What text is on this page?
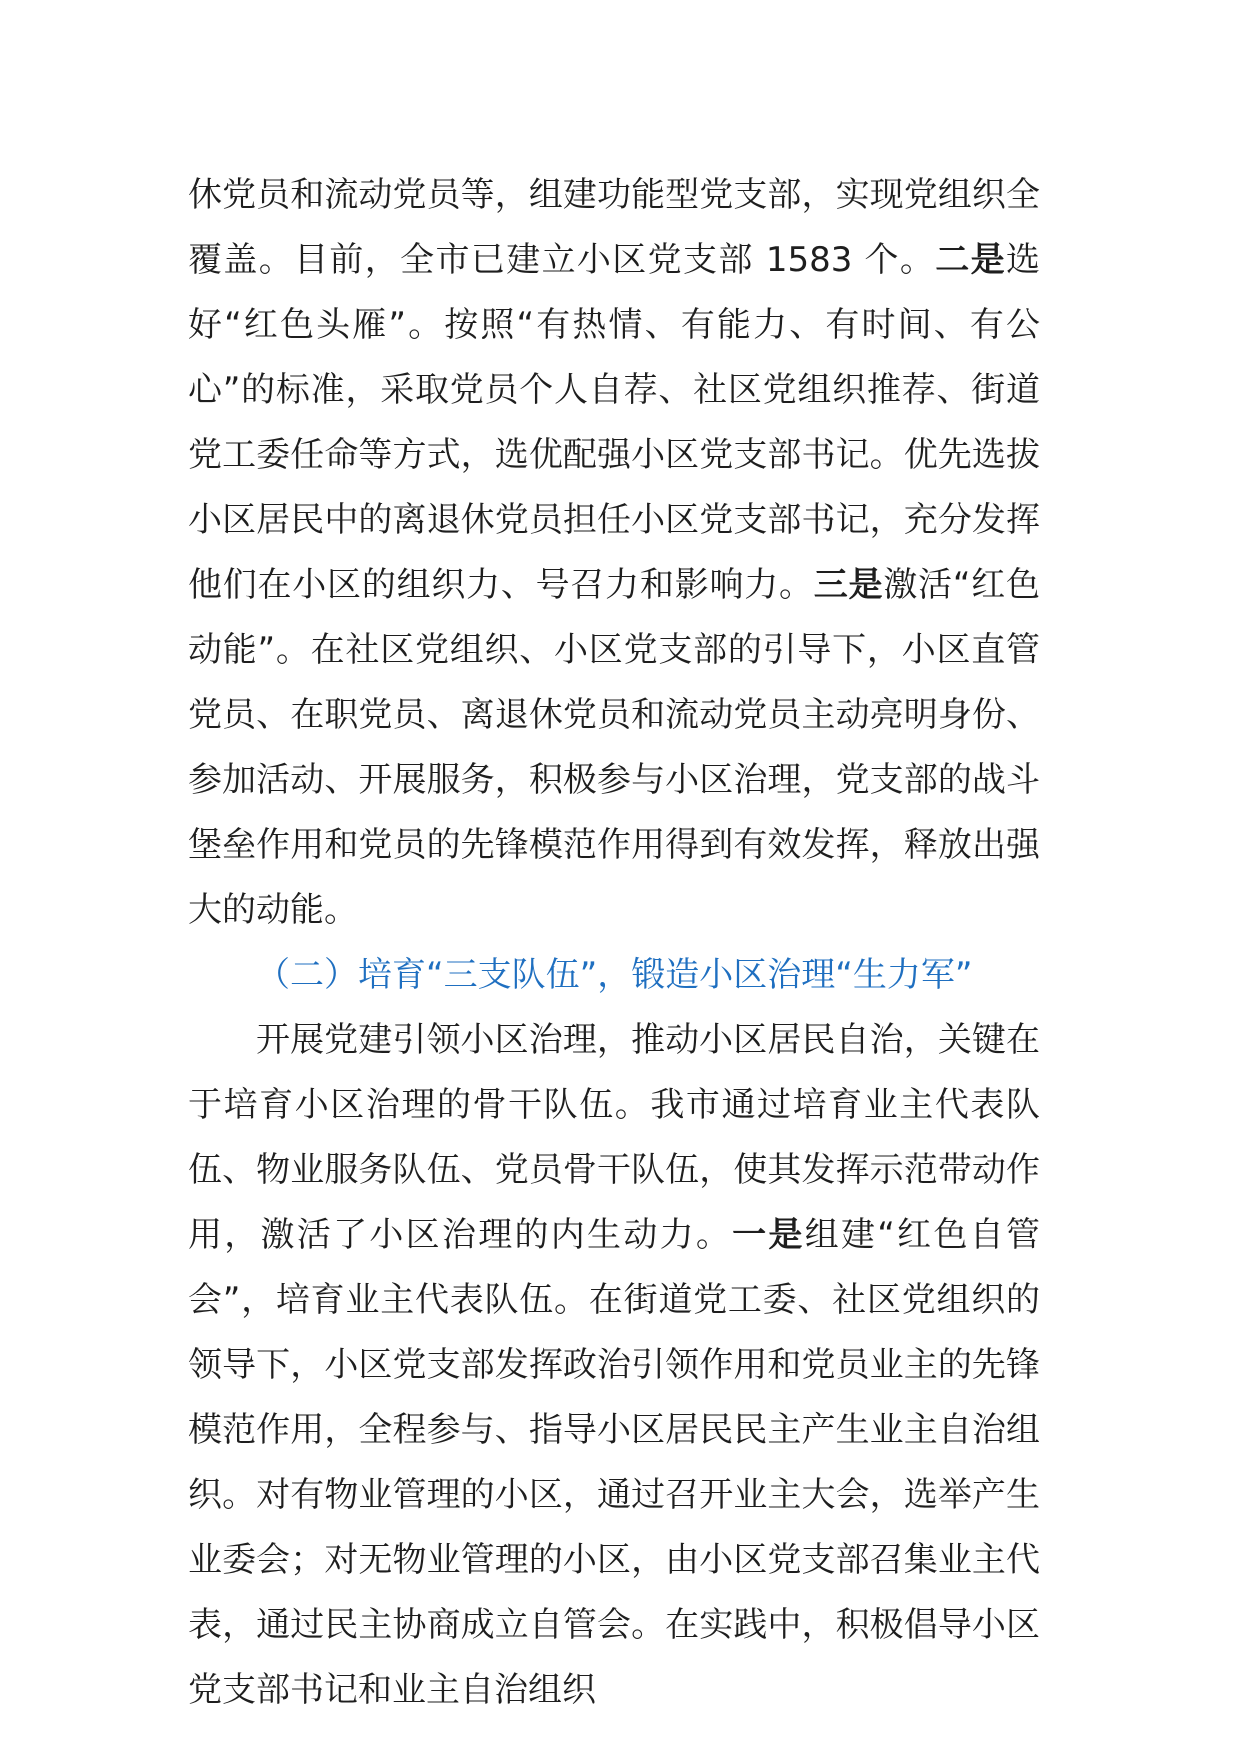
休党员和流动党员等，组建功能型党支部，实现党组织全覆盖。目前，全市已建立小区党支部 1583 个。二是选好“红色头雁”。按照“有热情、有能力、有时间、有公心”的标准，采取党员个人自荐、社区党组织推荐、街道党工委任命等方式，选优配强小区党支部书记。优先选拔小区居民中的离退休党员担任小区党支部书记，充分发挥他们在小区的组织力、号召力和影响力。三是激活“红色动能”。在社区党组织、小区党支部的引导下，小区直管党员、在职党员、离退休党员和流动党员主动亮明身份、参加活动、开展服务，积极参与小区治理，党支部的战斗堡垒作用和党员的先锋模范作用得到有效发挥，释放出强大的动能。

（二）培育“三支队伍”，锻造小区治理“生力军”

开展党建引领小区治理，推动小区居民自治，关键在于培育小区治理的骨干队伍。我市通过培育业主代表队伍、物业服务队伍、党员骨干队伍，使其发挥示范带动作用，激活了小区治理的内生动力。一是组建“红色自管会”，培育业主代表队伍。在街道党工委、社区党组织的领导下，小区党支部发挥政治引领作用和党员业主的先锋模范作用，全程参与、指导小区居民民主产生业主自治组织。对有物业管理的小区，通过召开业主大会，选举产生业委会；对无物业管理的小区，由小区党支部召集业主代表，通过民主协商成立自管会。在实践中，积极倡导小区党支部书记和业主自治组织
